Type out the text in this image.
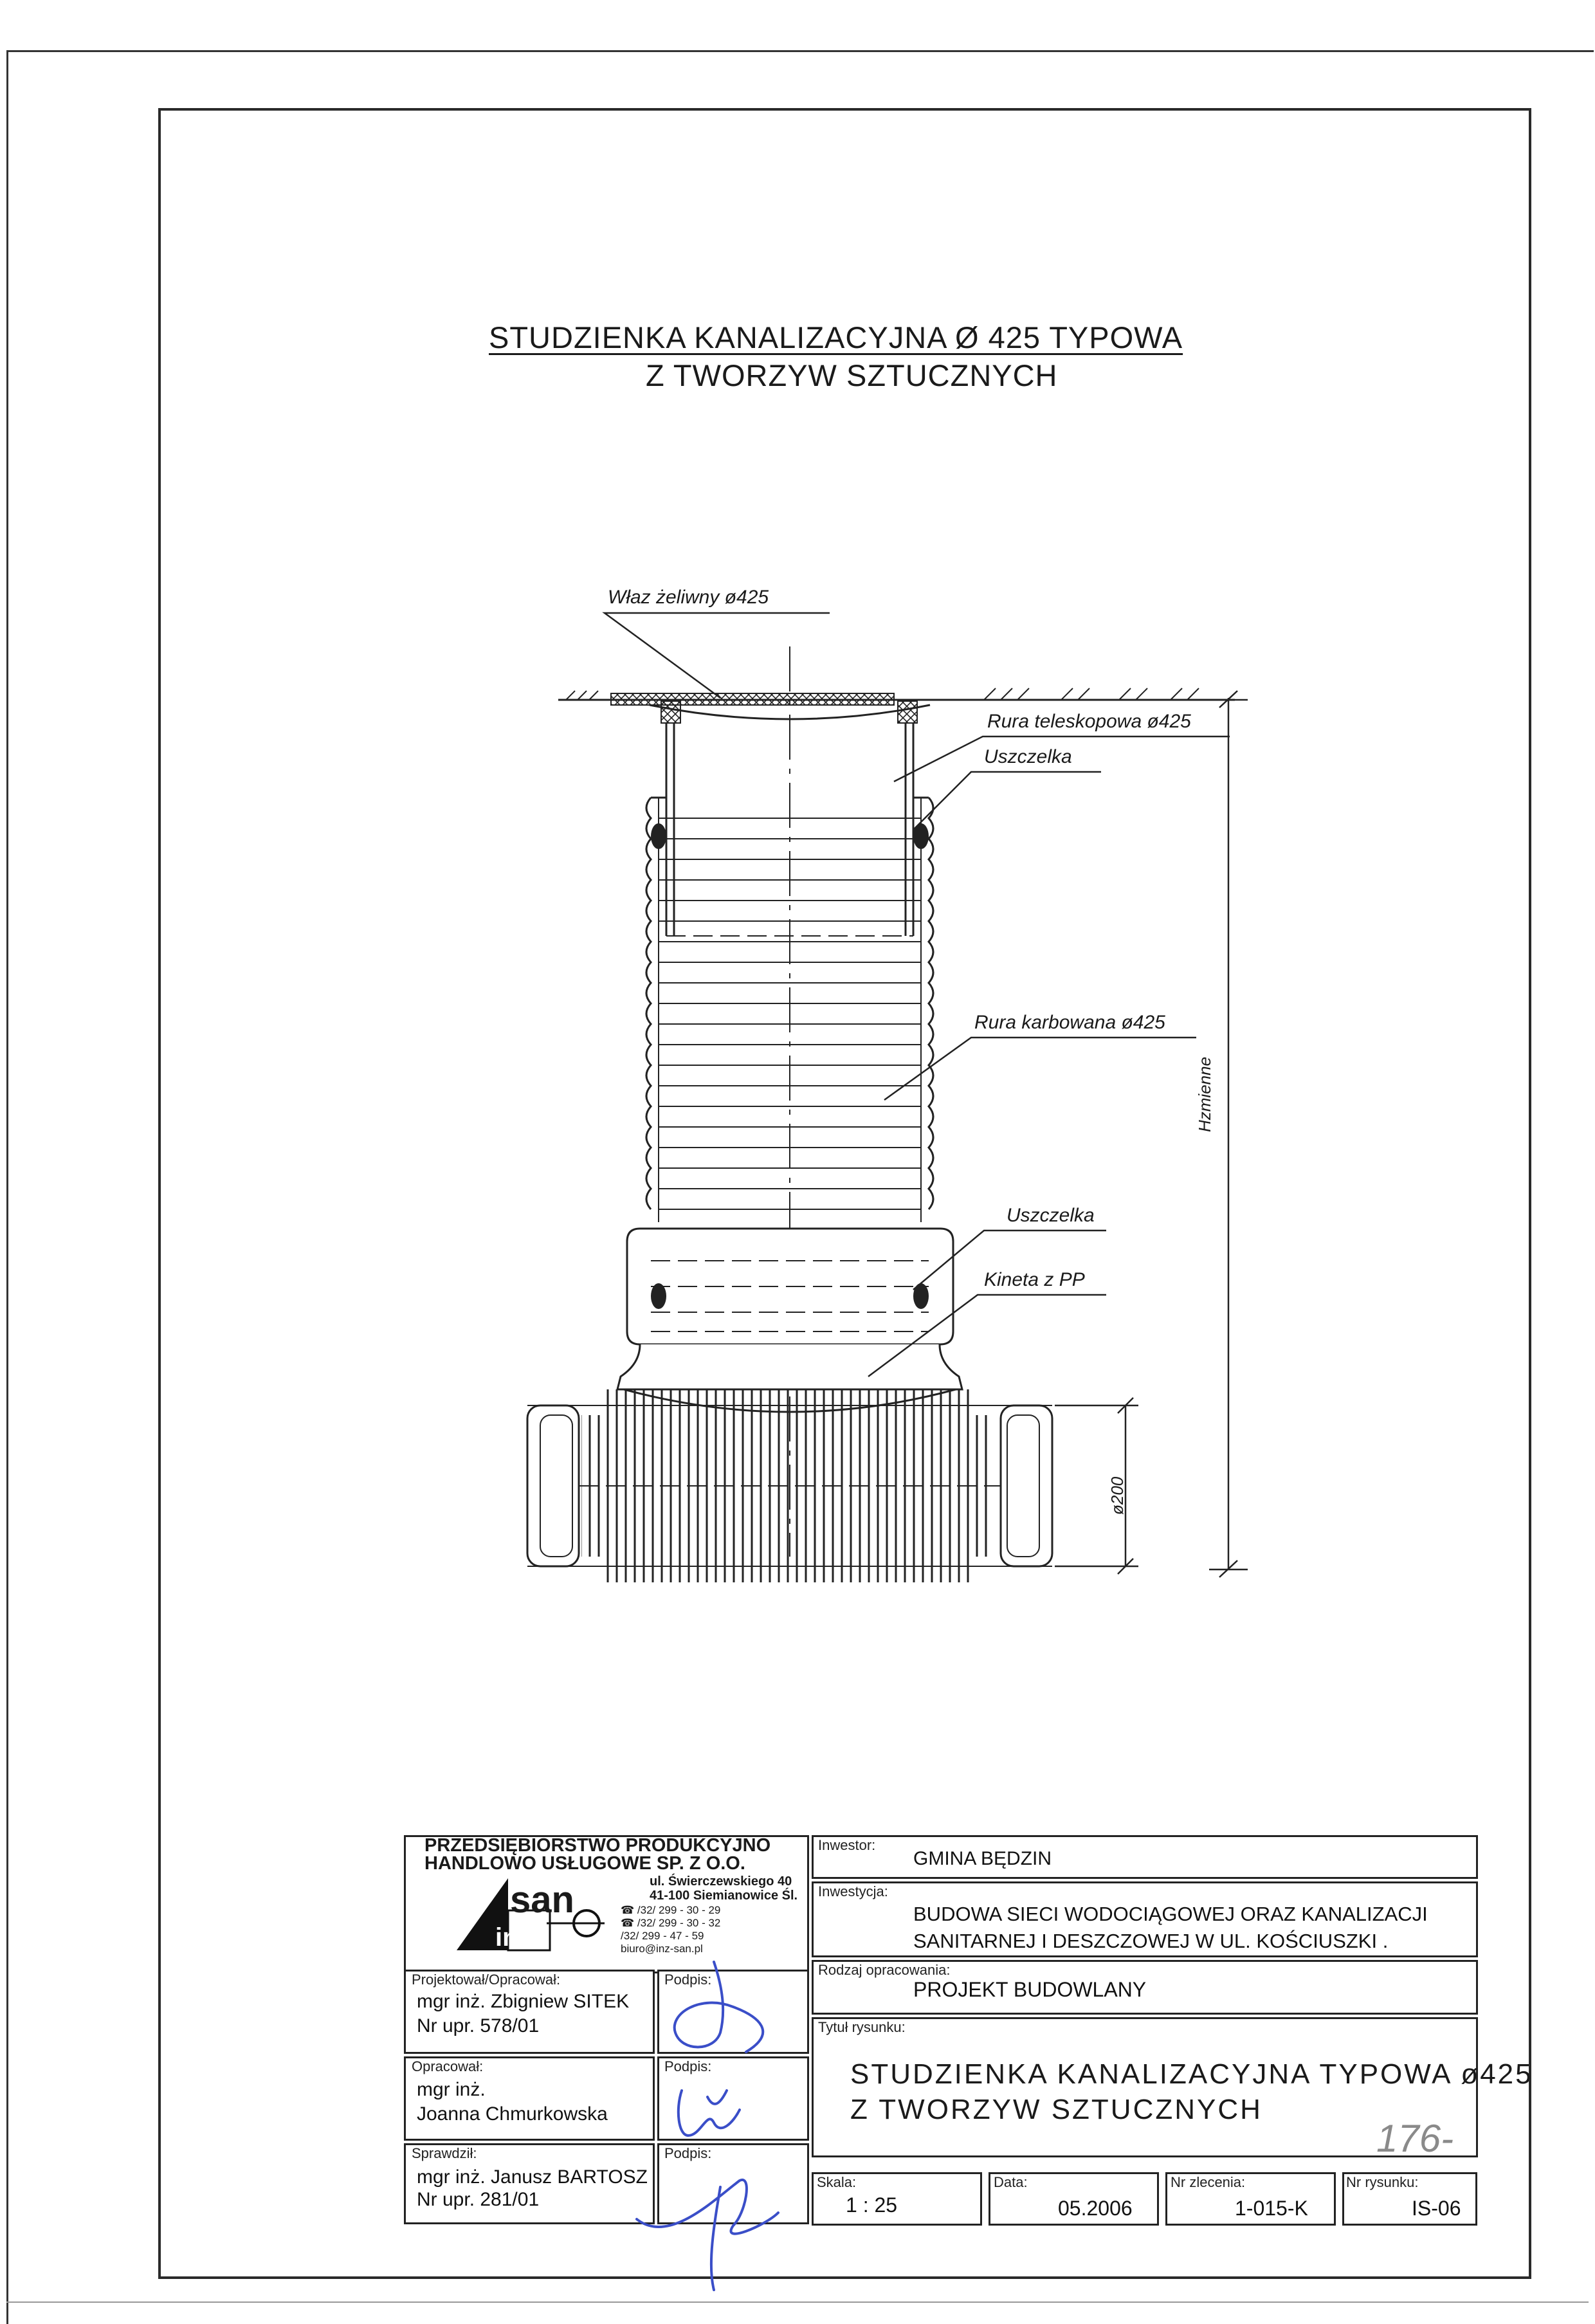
STUDZIENKA KANALIZACYJNA Ø 425 TYPOWA
Z TWORZYW SZTUCZNYCH
Właz żeliwny ø425
Rura teleskopowa ø425
Uszczelka
Rura karbowana ø425
Uszczelka
Kineta z PP
Hzmienne
ø200
PRZEDSIĘBIORSTWO PRODUKCYJNO
HANDLOWO USŁUGOWE SP. Z O.O.
ul. Świerczewskiego 40
41-100 Siemianowice Śl.
☎ /32/ 299 - 30 - 29
☎ /32/ 299 - 30 - 32
/32/ 299 - 47 - 59
biuro@inz-san.pl
san
inż
Projektował/Opracował:
mgr inż. Zbigniew SITEK
Nr upr. 578/01
Podpis:
Opracował:
mgr inż.
Joanna Chmurkowska
Podpis:
Sprawdził:
mgr inż. Janusz BARTOSZ
Nr upr. 281/01
Podpis:
Inwestor:
GMINA BĘDZIN
Inwestycja:
BUDOWA SIECI WODOCIĄGOWEJ ORAZ KANALIZACJI
SANITARNEJ I DESZCZOWEJ W UL. KOŚCIUSZKI .
Rodzaj opracowania:
PROJEKT BUDOWLANY
Tytuł rysunku:
STUDZIENKA KANALIZACYJNA TYPOWA ø425
Z TWORZYW SZTUCZNYCH
176-
Skala:
1 : 25
Data:
05.2006
Nr zlecenia:
1-015-K
Nr rysunku:
IS-06
